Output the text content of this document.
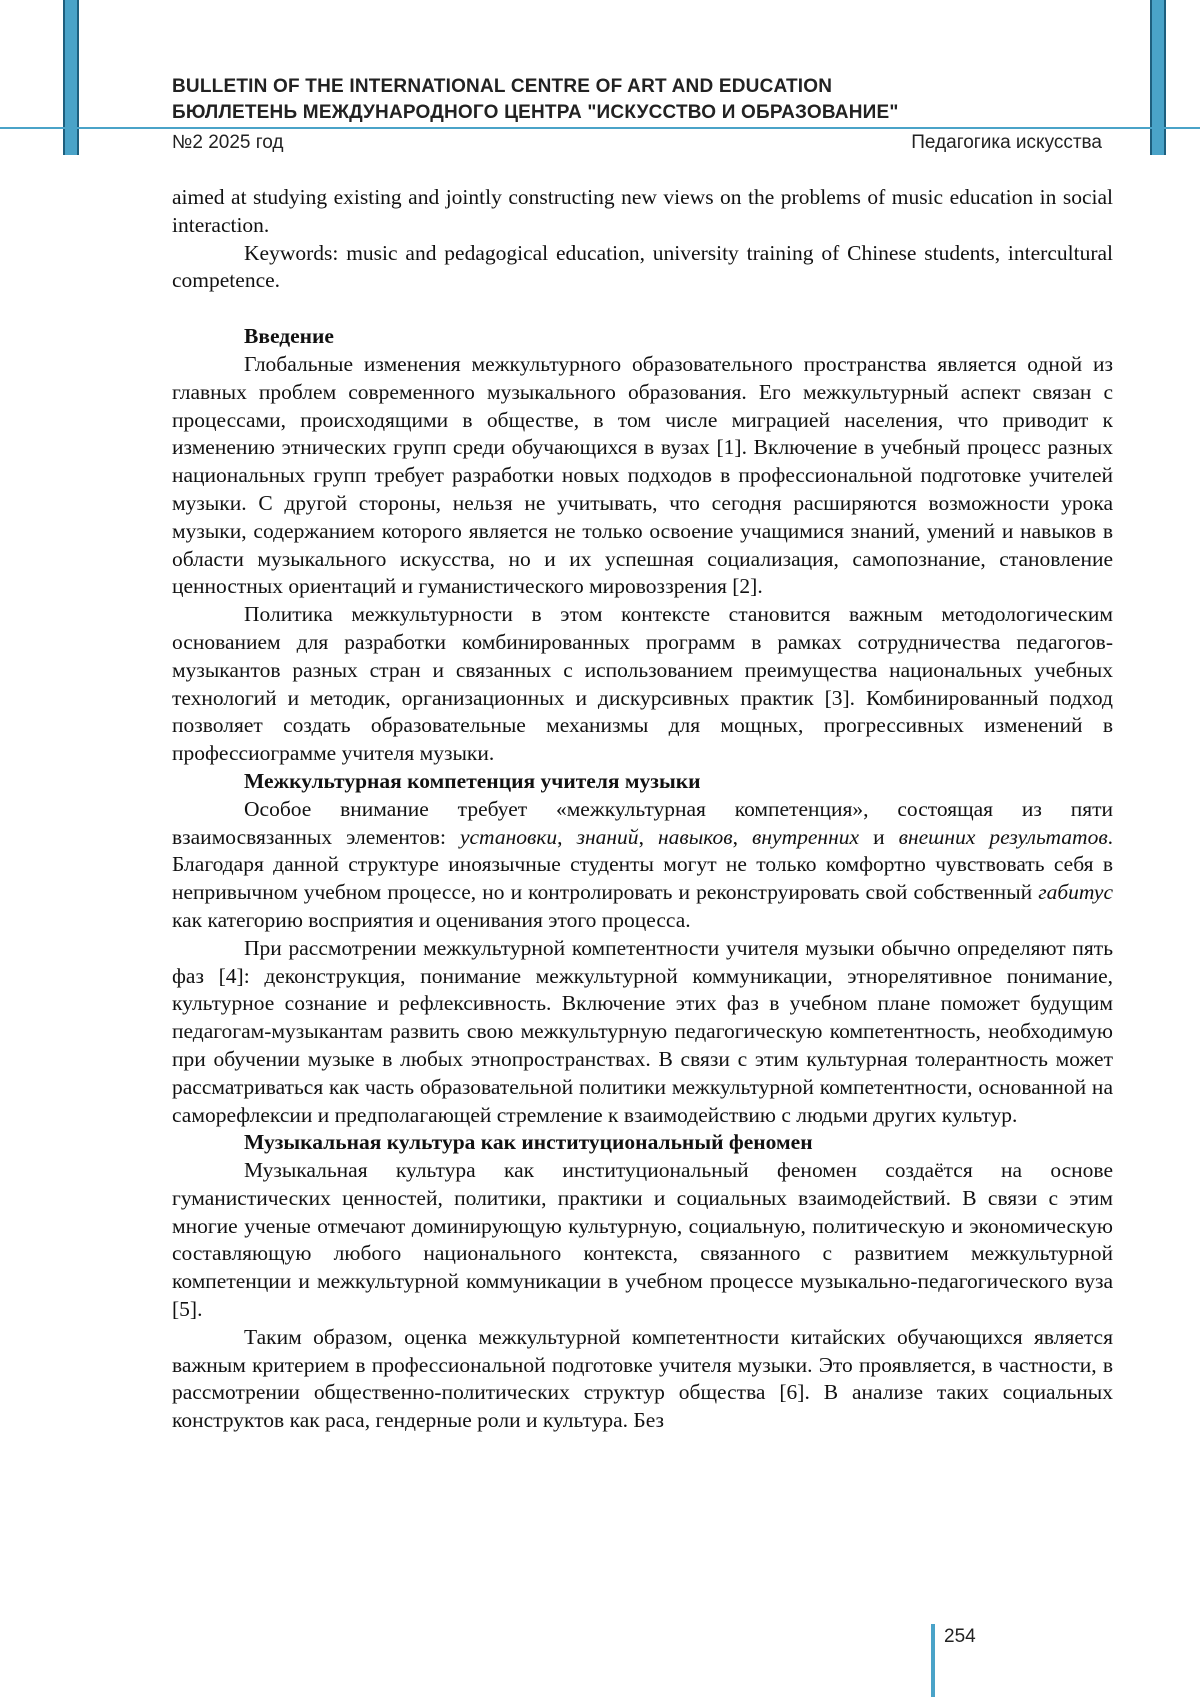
BULLETIN OF THE INTERNATIONAL CENTRE OF ART AND EDUCATION
БЮЛЛЕТЕНЬ МЕЖДУНАРОДНОГО ЦЕНТРА "ИСКУССТВО И ОБРАЗОВАНИЕ"
№2 2025 год	Педагогика искусства

aimed at studying existing and jointly constructing new views on the problems of music education in social interaction.

Keywords: music and pedagogical education, university training of Chinese students, intercultural competence.

Введение

Глобальные изменения межкультурного образовательного пространства является одной из главных проблем современного музыкального образования. Его межкультурный аспект связан с процессами, происходящими в обществе, в том числе миграцией населения, что приводит к изменению этнических групп среди обучающихся в вузах [1]. Включение в учебный процесс разных национальных групп требует разработки новых подходов в профессиональной подготовке учителей музыки. С другой стороны, нельзя не учитывать, что сегодня расширяются возможности урока музыки, содержанием которого является не только освоение учащимися знаний, умений и навыков в области музыкального искусства, но и их успешная социализация, самопознание, становление ценностных ориентаций и гуманистического мировоззрения [2].

Политика межкультурности в этом контексте становится важным методологическим основанием для разработки комбинированных программ в рамках сотрудничества педагогов-музыкантов разных стран и связанных с использованием преимущества национальных учебных технологий и методик, организационных и дискурсивных практик [3]. Комбинированный подход позволяет создать образовательные механизмы для мощных, прогрессивных изменений в профессиограмме учителя музыки.

Межкультурная компетенция учителя музыки

Особое внимание требует «межкультурная компетенция», состоящая из пяти взаимосвязанных элементов: установки, знаний, навыков, внутренних и внешних результатов. Благодаря данной структуре иноязычные студенты могут не только комфортно чувствовать себя в непривычном учебном процессе, но и контролировать и реконструировать свой собственный габитус как категорию восприятия и оценивания этого процесса.

При рассмотрении межкультурной компетентности учителя музыки обычно определяют пять фаз [4]: деконструкция, понимание межкультурной коммуникации, этнорелятивное понимание, культурное сознание и рефлексивность. Включение этих фаз в учебном плане поможет будущим педагогам-музыкантам развить свою межкультурную педагогическую компетентность, необходимую при обучении музыке в любых этнопространствах. В связи с этим культурная толерантность может рассматриваться как часть образовательной политики межкультурной компетентности, основанной на саморефлексии и предполагающей стремление к взаимодействию с людьми других культур.

Музыкальная культура как институциональный феномен

Музыкальная культура как институциональный феномен создаётся на основе гуманистических ценностей, политики, практики и социальных взаимодействий. В связи с этим многие ученые отмечают доминирующую культурную, социальную, политическую и экономическую составляющую любого национального контекста, связанного с развитием межкультурной компетенции и межкультурной коммуникации в учебном процессе музыкально-педагогического вуза [5].

Таким образом, оценка межкультурной компетентности китайских обучающихся является важным критерием в профессиональной подготовке учителя музыки. Это проявляется, в частности, в рассмотрении общественно-политических структур общества [6]. В анализе таких социальных конструктов как раса, гендерные роли и культура. Без

254
